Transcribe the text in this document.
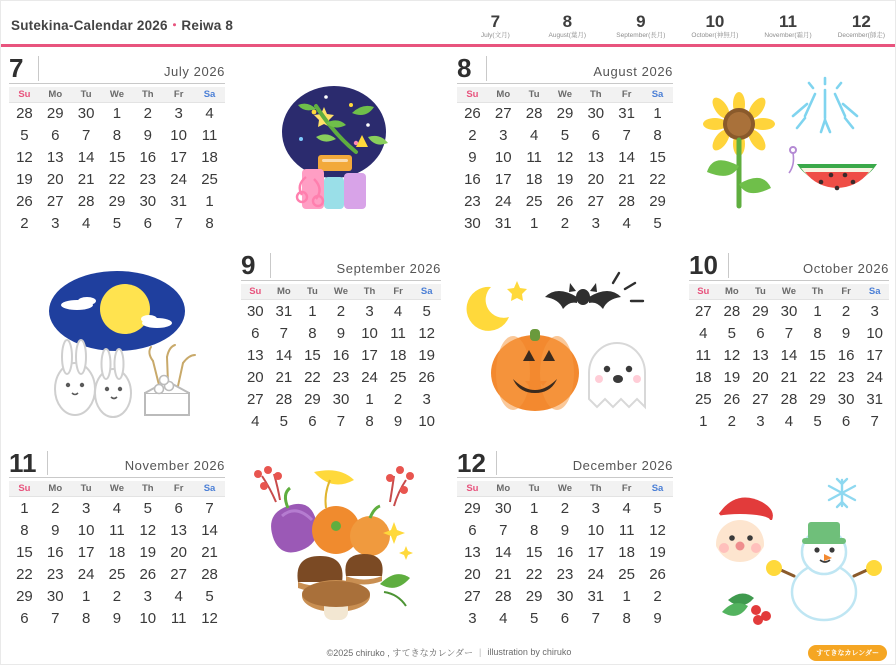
Sutekina-Calendar 2026・Reiwa 8	7
July(文月)
8
August(葉月)
9
September(長月)
10
October(神無月)
11
November(霜月)
12
December(師走)
7	July 2026
Su	Mo	Tu	We	Th	Fr	Sa
28	29	30	1	2	3	4
5	6	7	8	9	10	11
12	13	14	15	16	17	18
19	20	21	22	23	24	25
26	27	28	29	30	31	1
2	3	4	5	6	7	8
8	August 2026
Su	Mo	Tu	We	Th	Fr	Sa
26	27	28	29	30	31	1
2	3	4	5	6	7	8
9	10	11	12	13	14	15
16	17	18	19	20	21	22
23	24	25	26	27	28	29
30	31	1	2	3	4	5
9	September 2026
Su	Mo	Tu	We	Th	Fr	Sa
30	31	1	2	3	4	5
6	7	8	9	10	11	12
13	14	15	16	17	18	19
20	21	22	23	24	25	26
27	28	29	30	1	2	3
4	5	6	7	8	9	10
10	October 2026
Su	Mo	Tu	We	Th	Fr	Sa
27	28	29	30	1	2	3
4	5	6	7	8	9	10
11	12	13	14	15	16	17
18	19	20	21	22	23	24
25	26	27	28	29	30	31
1	2	3	4	5	6	7
11	November 2026
Su	Mo	Tu	We	Th	Fr	Sa
1	2	3	4	5	6	7
8	9	10	11	12	13	14
15	16	17	18	19	20	21
22	23	24	25	26	27	28
29	30	1	2	3	4	5
6	7	8	9	10	11	12
12	December 2026
Su	Mo	Tu	We	Th	Fr	Sa
29	30	1	2	3	4	5
6	7	8	9	10	11	12
13	14	15	16	17	18	19
20	21	22	23	24	25	26
27	28	29	30	31	1	2
3	4	5	6	7	8	9
©2025 chiruko , すてきなカレンダー | illustration by chiruko	すてきなカレンダー
